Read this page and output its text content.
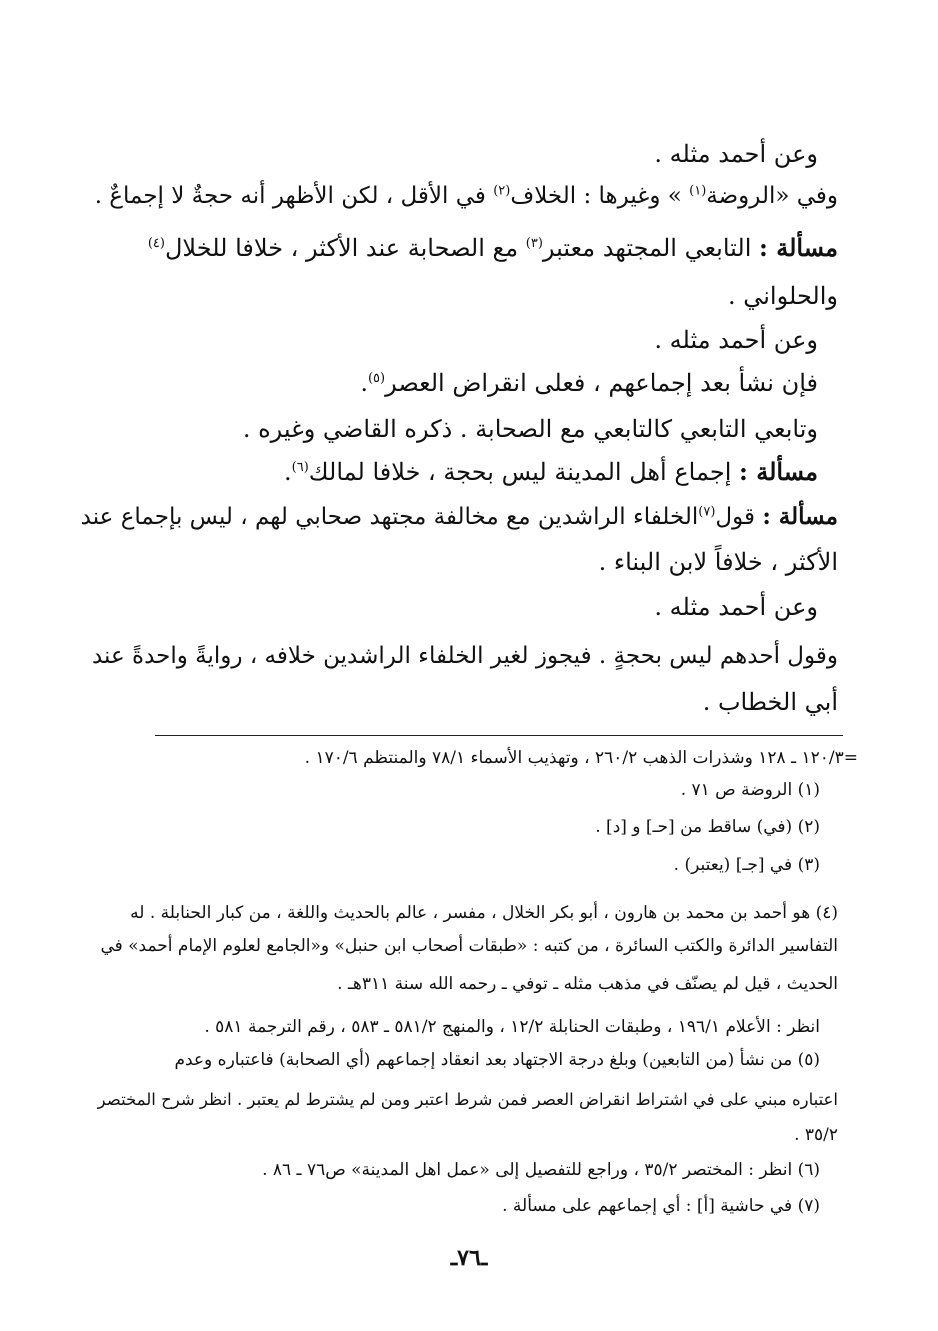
وعن أحمد مثله .
وفي «الروضة$^{(١)}$ » وغيرها : الخلاف$^{(٢)}$ في الأقل ، لكن الأظهر أنه حجةٌ لا إجماعٌ .
مسألة : التابعي المجتهد معتبر$^{(٣)}$ مع الصحابة عند الأكثر ، خلافا للخلال$^{(٤)}$
والحلواني .
وعن أحمد مثله .
فإن نشأ بعد إجماعهم ، فعلى انقراض العصر$^{(٥)}$.
وتابعي التابعي كالتابعي مع الصحابة . ذكره القاضي وغيره .
مسألة : إجماع أهل المدينة ليس بحجة ، خلافا لمالك$^{(٦)}$.
مسألة : قول$^{(٧)}$الخلفاء الراشدين مع مخالفة مجتهد صحابي لهم ، ليس بإجماع عند
الأكثر ، خلافاً لابن البناء .
وعن أحمد مثله .
وقول أحدهم ليس بحجةٍ . فيجوز لغير الخلفاء الراشدين خلافه ، روايةً واحدةً عند
أبي الخطاب .
=١٢٠/٣ ـ ١٢٨ وشذرات الذهب ٢٦٠/٢ ، وتهذيب الأسماء ٧٨/١ والمنتظم ١٧٠/٦ .
(١) الروضة ص ٧١ .
(٢) (في) ساقط من [حـ] و [د] .
(٣) في [جـ] (يعتبر) .
(٤) هو أحمد بن محمد بن هارون ، أبو بكر الخلال ، مفسر ، عالم بالحديث واللغة ، من كبار الحنابلة . له
التفاسير الدائرة والكتب السائرة ، من كتبه : «طبقات أصحاب ابن حنبل» و«الجامع لعلوم الإمام أحمد» في
الحديث ، قيل لم يصنّف في مذهب مثله ـ توفي ـ رحمه الله سنة ٣١١هـ .
انظر : الأعلام ١٩٦/١ ، وطبقات الحنابلة ١٢/٢ ، والمنهج ٥٨١/٢ ـ ٥٨٣ ، رقم الترجمة ٥٨١ .
(٥) من نشأ (من التابعين) وبلغ درجة الاجتهاد بعد انعقاد إجماعهم (أي الصحابة) فاعتباره وعدم
اعتباره مبني على في اشتراط انقراض العصر فمن شرط اعتبر ومن لم يشترط لم يعتبر . انظر شرح المختصر
٣٥/٢ .
(٦) انظر : المختصر ٣٥/٢ ، وراجع للتفصيل إلى «عمل اهل المدينة» ص٧٦ ـ ٨٦ .
(٧) في حاشية [أ] : أي إجماعهم على مسألة .
ـ٧٦ـ
